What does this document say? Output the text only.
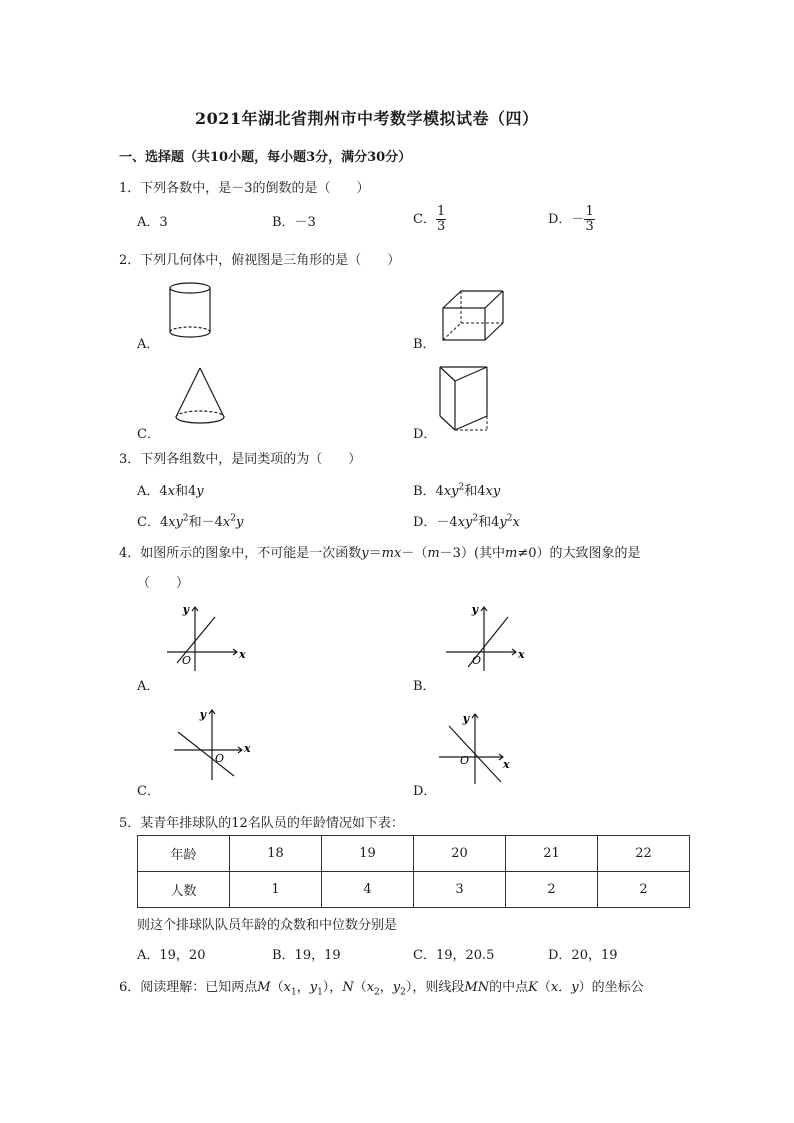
2021年湖北省荆州市中考数学模拟试卷（四）
一、选择题（共10小题，每小题3分，满分30分）
1．下列各数中，是－3的倒数的是（　　）
A．3	B．－3	C． $\frac{1}{3}$	D．－ $\frac{1}{3}$
2．下列几何体中，俯视图是三角形的是（　　）
A．	B．
C．	D．
3．下列各组数中，是同类项的为（　　）
A．4x和4y	B．$4xy^2$和4xy
C．$4xy^2$和$-4x^2y$	D．$-4xy^2$和$4y^2x$
4．如图所示的图象中，不可能是一次函数y＝mx－（m－3）(其中m≠0）的大致图象的是
（　　）
A．	B．
C．	D．
y
x
O
y
x
O
y
x
O
y
x
O
5．某青年排球队的12名队员的年龄情况如下表：
年龄	18	19	20	21	22
人数	1	4	3	2	2
则这个排球队队员年龄的众数和中位数分别是
A．19，20	B．19，19	C．19，20.5	D．20，19
6．阅读理解：已知两点$M(x_1$，$y_1$），$N(x_2$，$y_2$），则线段MN的中点K（x．y）的坐标公
